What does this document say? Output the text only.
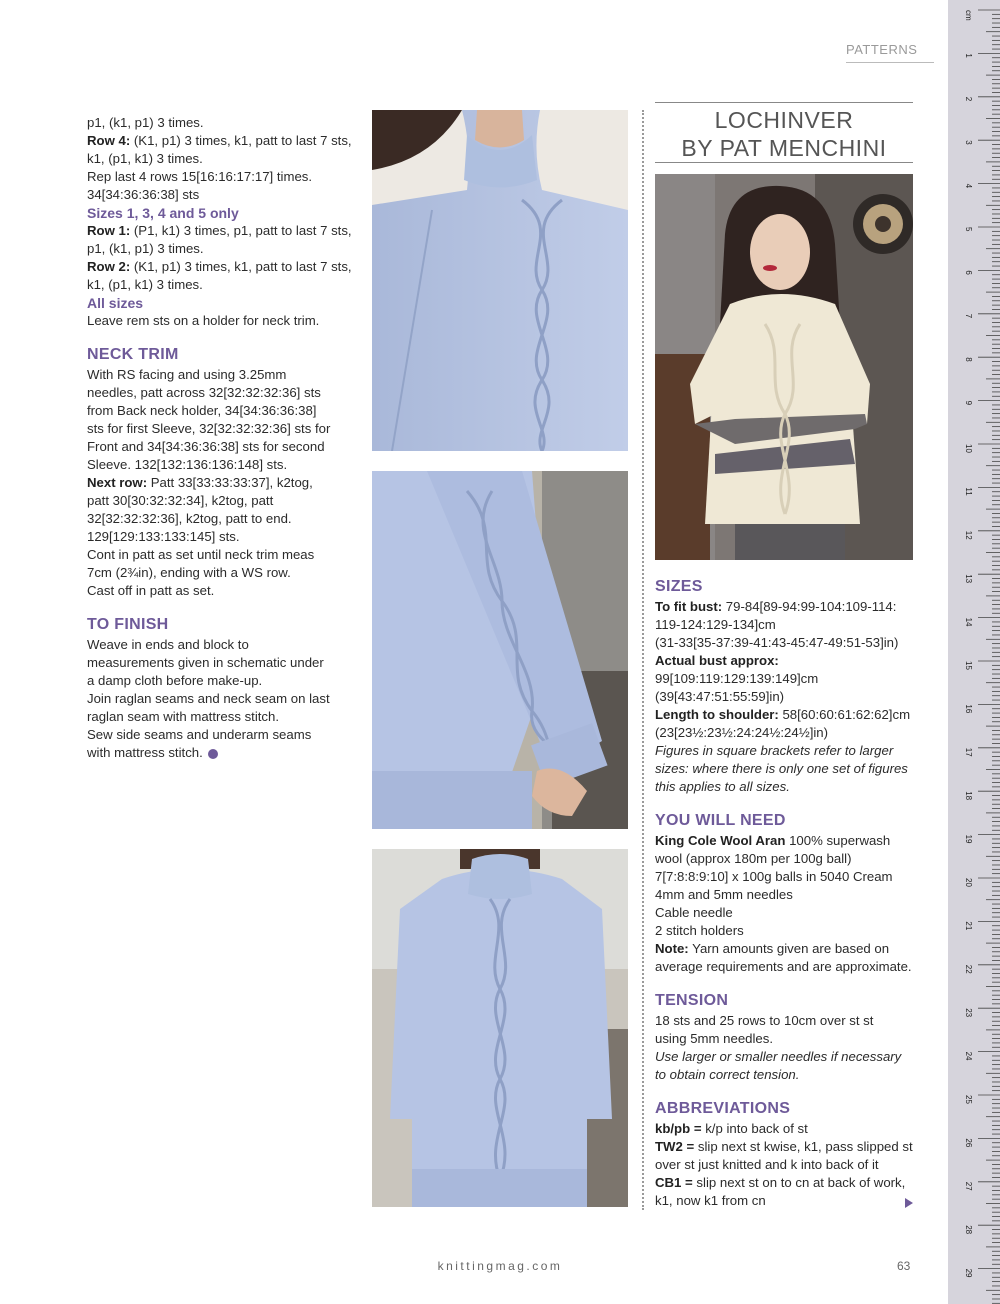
PATTERNS
p1, (k1, p1) 3 times.
Row 4: (K1, p1) 3 times, k1, patt to last 7 sts,
k1, (p1, k1) 3 times.
Rep last 4 rows 15[16:16:17:17] times.
34[34:36:36:38] sts
Sizes 1, 3, 4 and 5 only
Row 1: (P1, k1) 3 times, p1, patt to last 7 sts,
p1, (k1, p1) 3 times.
Row 2: (K1, p1) 3 times, k1, patt to last 7 sts,
k1, (p1, k1) 3 times.
All sizes
Leave rem sts on a holder for neck trim.
NECK TRIM
With RS facing and using 3.25mm
needles, patt across 32[32:32:32:36] sts
from Back neck holder, 34[34:36:36:38]
sts for first Sleeve, 32[32:32:32:36] sts for
Front and 34[34:36:36:38] sts for second
Sleeve. 132[132:136:136:148] sts.
Next row: Patt 33[33:33:33:37], k2tog,
patt 30[30:32:32:34], k2tog, patt
32[32:32:32:36], k2tog, patt to end.
129[129:133:133:145] sts.
Cont in patt as set until neck trim meas
7cm (2¾in), ending with a WS row.
Cast off in patt as set.
TO FINISH
Weave in ends and block to
measurements given in schematic under
a damp cloth before make-up.
Join raglan seams and neck seam on last
raglan seam with mattress stitch.
Sew side seams and underarm seams
with mattress stitch.
LOCHINVER
BY PAT MENCHINI
SIZES
To fit bust: 79-84[89-94:99-104:109-114:
119-124:129-134]cm
(31-33[35-37:39-41:43-45:47-49:51-53]in)
Actual bust approx:
99[109:119:129:139:149]cm
(39[43:47:51:55:59]in)
Length to shoulder: 58[60:60:61:62:62]cm
(23[23½:23½:24:24½:24½]in)
Figures in square brackets refer to larger
sizes: where there is only one set of figures
this applies to all sizes.
YOU WILL NEED
King Cole Wool Aran 100% superwash
wool (approx 180m per 100g ball)
7[7:8:8:9:10] x 100g balls in 5040 Cream
4mm and 5mm needles
Cable needle
2 stitch holders
Note: Yarn amounts given are based on
average requirements and are approximate.
TENSION
18 sts and 25 rows to 10cm over st st
using 5mm needles.
Use larger or smaller needles if necessary
to obtain correct tension.
ABBREVIATIONS
kb/pb = k/p into back of st
TW2 = slip next st kwise, k1, pass slipped st
over st just knitted and k into back of it
CB1 = slip next st on to cn at back of work,
k1, now k1 from cn
knittingmag.com	63
cm
1
2
3
4
5
6
7
8
9
10
11
12
13
14
15
16
17
18
19
20
21
22
23
24
25
26
27
28
29
